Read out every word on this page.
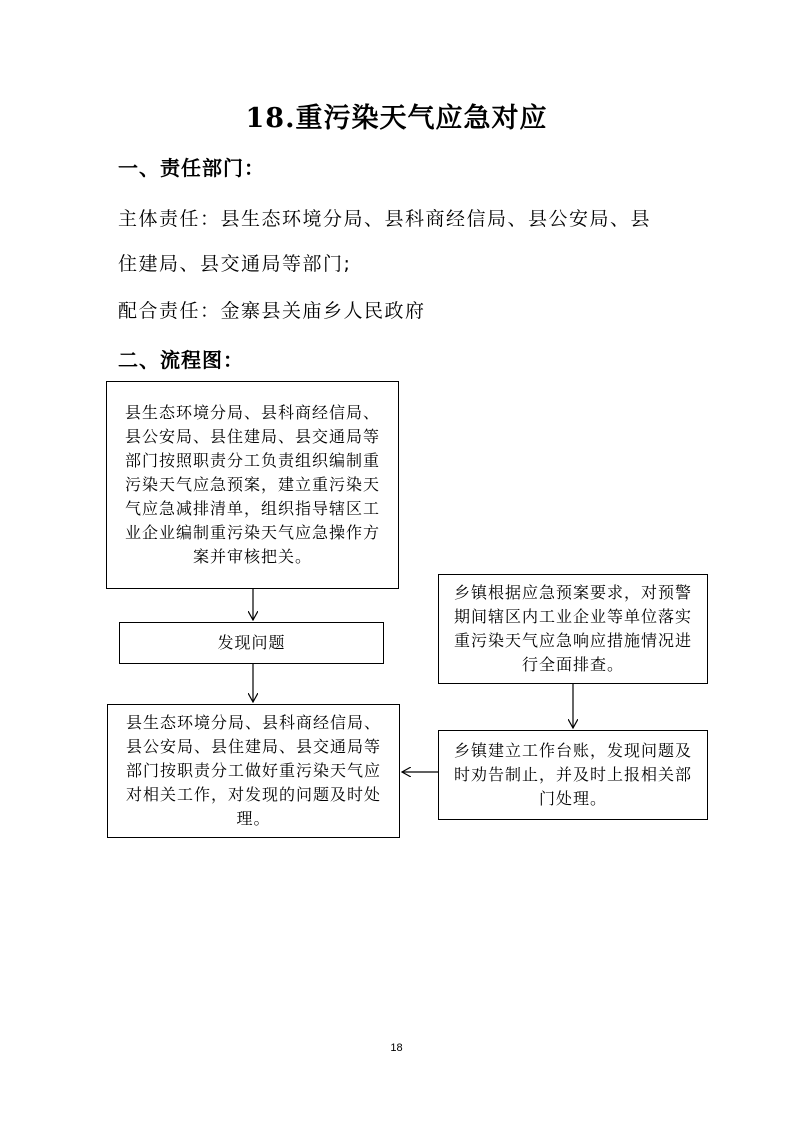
18.重污染天气应急对应
一、责任部门：
主体责任：县生态环境分局、县科商经信局、县公安局、县
住建局、县交通局等部门;
配合责任：金寨县关庙乡人民政府
二、流程图：
县生态环境分局、县科商经信局、县公安局、县住建局、县交通局等部门按照职责分工负责组织编制重污染天气应急预案，建立重污染天气应急减排清单，组织指导辖区工业企业编制重污染天气应急操作方案并审核把关。
发现问题
县生态环境分局、县科商经信局、县公安局、县住建局、县交通局等部门按职责分工做好重污染天气应对相关工作，对发现的问题及时处理。
乡镇根据应急预案要求，对预警期间辖区内工业企业等单位落实重污染天气应急响应措施情况进行全面排查。
乡镇建立工作台账，发现问题及时劝告制止，并及时上报相关部门处理。
18
